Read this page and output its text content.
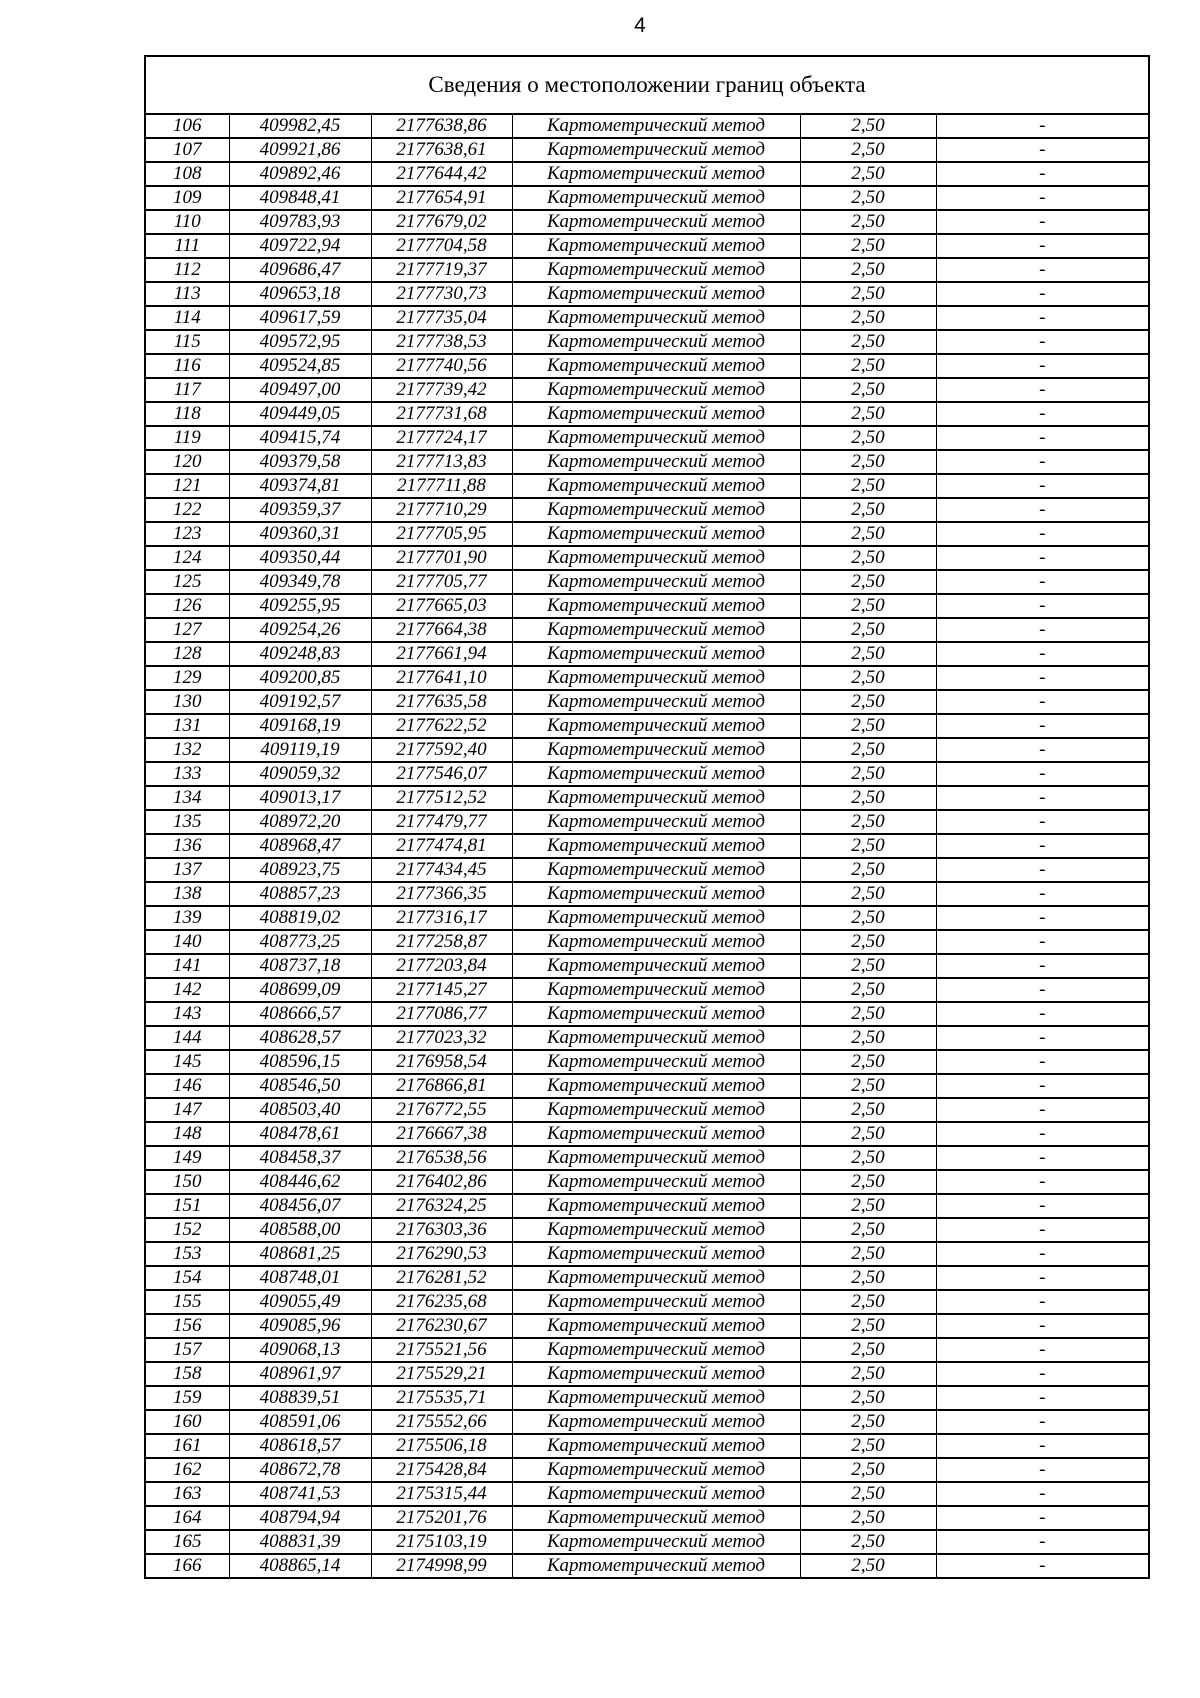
4
Сведения о местоположении границ объекта
106	409982,45	2177638,86	Картометрический метод	2,50	-
107	409921,86	2177638,61	Картометрический метод	2,50	-
108	409892,46	2177644,42	Картометрический метод	2,50	-
109	409848,41	2177654,91	Картометрический метод	2,50	-
110	409783,93	2177679,02	Картометрический метод	2,50	-
111	409722,94	2177704,58	Картометрический метод	2,50	-
112	409686,47	2177719,37	Картометрический метод	2,50	-
113	409653,18	2177730,73	Картометрический метод	2,50	-
114	409617,59	2177735,04	Картометрический метод	2,50	-
115	409572,95	2177738,53	Картометрический метод	2,50	-
116	409524,85	2177740,56	Картометрический метод	2,50	-
117	409497,00	2177739,42	Картометрический метод	2,50	-
118	409449,05	2177731,68	Картометрический метод	2,50	-
119	409415,74	2177724,17	Картометрический метод	2,50	-
120	409379,58	2177713,83	Картометрический метод	2,50	-
121	409374,81	2177711,88	Картометрический метод	2,50	-
122	409359,37	2177710,29	Картометрический метод	2,50	-
123	409360,31	2177705,95	Картометрический метод	2,50	-
124	409350,44	2177701,90	Картометрический метод	2,50	-
125	409349,78	2177705,77	Картометрический метод	2,50	-
126	409255,95	2177665,03	Картометрический метод	2,50	-
127	409254,26	2177664,38	Картометрический метод	2,50	-
128	409248,83	2177661,94	Картометрический метод	2,50	-
129	409200,85	2177641,10	Картометрический метод	2,50	-
130	409192,57	2177635,58	Картометрический метод	2,50	-
131	409168,19	2177622,52	Картометрический метод	2,50	-
132	409119,19	2177592,40	Картометрический метод	2,50	-
133	409059,32	2177546,07	Картометрический метод	2,50	-
134	409013,17	2177512,52	Картометрический метод	2,50	-
135	408972,20	2177479,77	Картометрический метод	2,50	-
136	408968,47	2177474,81	Картометрический метод	2,50	-
137	408923,75	2177434,45	Картометрический метод	2,50	-
138	408857,23	2177366,35	Картометрический метод	2,50	-
139	408819,02	2177316,17	Картометрический метод	2,50	-
140	408773,25	2177258,87	Картометрический метод	2,50	-
141	408737,18	2177203,84	Картометрический метод	2,50	-
142	408699,09	2177145,27	Картометрический метод	2,50	-
143	408666,57	2177086,77	Картометрический метод	2,50	-
144	408628,57	2177023,32	Картометрический метод	2,50	-
145	408596,15	2176958,54	Картометрический метод	2,50	-
146	408546,50	2176866,81	Картометрический метод	2,50	-
147	408503,40	2176772,55	Картометрический метод	2,50	-
148	408478,61	2176667,38	Картометрический метод	2,50	-
149	408458,37	2176538,56	Картометрический метод	2,50	-
150	408446,62	2176402,86	Картометрический метод	2,50	-
151	408456,07	2176324,25	Картометрический метод	2,50	-
152	408588,00	2176303,36	Картометрический метод	2,50	-
153	408681,25	2176290,53	Картометрический метод	2,50	-
154	408748,01	2176281,52	Картометрический метод	2,50	-
155	409055,49	2176235,68	Картометрический метод	2,50	-
156	409085,96	2176230,67	Картометрический метод	2,50	-
157	409068,13	2175521,56	Картометрический метод	2,50	-
158	408961,97	2175529,21	Картометрический метод	2,50	-
159	408839,51	2175535,71	Картометрический метод	2,50	-
160	408591,06	2175552,66	Картометрический метод	2,50	-
161	408618,57	2175506,18	Картометрический метод	2,50	-
162	408672,78	2175428,84	Картометрический метод	2,50	-
163	408741,53	2175315,44	Картометрический метод	2,50	-
164	408794,94	2175201,76	Картометрический метод	2,50	-
165	408831,39	2175103,19	Картометрический метод	2,50	-
166	408865,14	2174998,99	Картометрический метод	2,50	-
